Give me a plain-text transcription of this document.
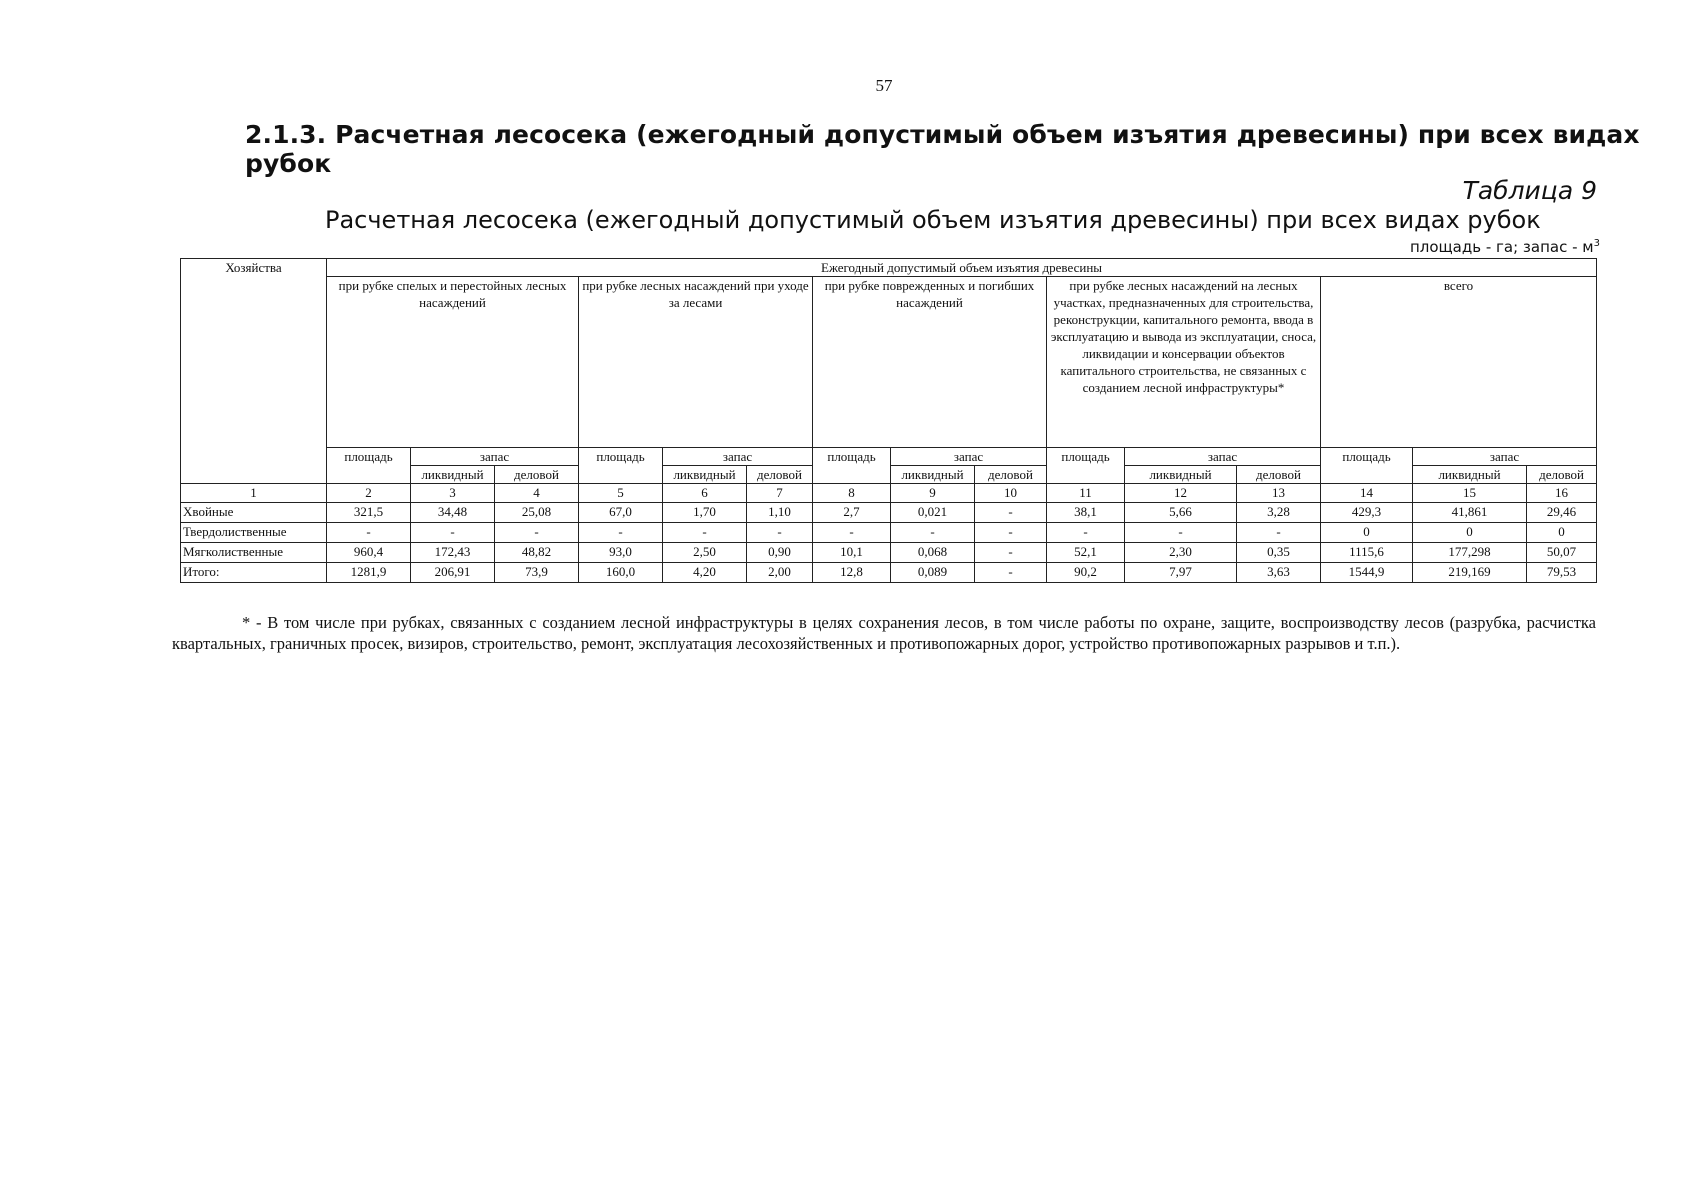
57
2.1.3. Расчетная лесосека (ежегодный допустимый объем изъятия древесины) при всех видах рубок
Таблица 9
Расчетная лесосека (ежегодный допустимый объем изъятия древесины) при всех видах рубок
площадь - га; запас - $м^3$
Хозяйства	Ежегодный допустимый объем изъятия древесины														
	при рубке спелых и перестойных лесных насаждений			при рубке лесных насаждений при уходе за лесами			при рубке поврежденных и погибших насаждений			при рубке лесных насаждений на лесных участках, предназначенных для строительства, реконструкции, капитального ремонта, ввода в эксплуатацию и вывода из эксплуатации, сноса, ликвидации и консервации объектов капитального строительства, не связанных с созданием лесной инфраструктуры*			всего		
	площадь	запас		площадь	запас		площадь	запас		площадь	запас		площадь	запас	
		ликвидный	деловой		ликвидный	деловой		ликвидный	деловой		ликвидный	деловой		ликвидный	деловой
1	2	3	4	5	6	7	8	9	10	11	12	13	14	15	16
Хвойные	321,5	34,48	25,08	67,0	1,70	1,10	2,7	0,021	-	38,1	5,66	3,28	429,3	41,861	29,46
Твердолиственные	-	-	-	-	-	-	-	-	-	-	-	-	0	0	0
Мягколиственные	960,4	172,43	48,82	93,0	2,50	0,90	10,1	0,068	-	52,1	2,30	0,35	1115,6	177,298	50,07
Итого:	1281,9	206,91	73,9	160,0	4,20	2,00	12,8	0,089	-	90,2	7,97	3,63	1544,9	219,169	79,53
* - В том числе при рубках, связанных с созданием лесной инфраструктуры в целях сохранения лесов, в том числе работы по охране, защите, воспроизводству лесов (разрубка, расчистка квартальных, граничных просек, визиров, строительство, ремонт, эксплуатация лесохозяйственных и противопожарных дорог, устройство противопожарных разрывов и т.п.).
